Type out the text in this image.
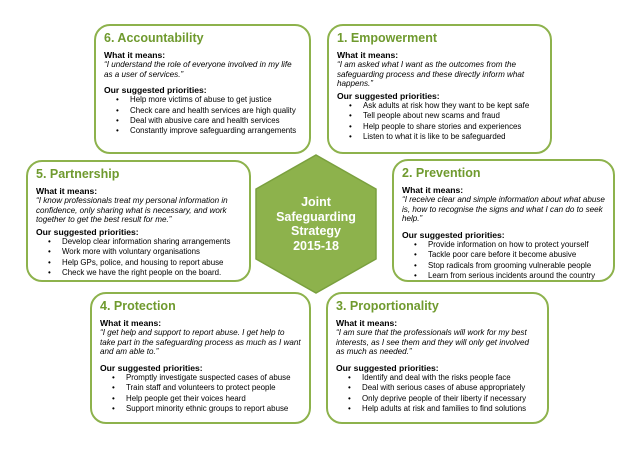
6. Accountability

What it means:

“I understand the role of everyone involved in my life as a user of services.”

Our suggested priorities:

• Help more victims of abuse to get justice
• Check care and health services are high quality
• Deal with abusive care and health services
• Constantly improve safeguarding arrangements
1. Empowerment

What it means:

“I am asked what I want as the outcomes from the safeguarding process and these directly inform what happens.”

Our suggested priorities:

• Ask adults at risk how they want to be kept safe
• Tell people about new scams and fraud
• Help people to share stories and experiences
• Listen to what it is like to be safeguarded
5. Partnership

What it means:

“I know professionals treat my personal information in confidence, only sharing what is necessary, and work together to get the best result for me.”

Our suggested priorities:

• Develop clear information sharing arrangements
• Work more with voluntary organisations
• Help GPs, police, and housing to report abuse
• Check we have the right people on the board.
2. Prevention

What it means:

“I receive clear and simple information about what abuse is, how to recognise the signs and what I can do to seek help.”

Our suggested priorities:

• Provide information on how to protect yourself
• Tackle poor care before it become abusive
• Stop radicals from grooming vulnerable people
• Learn from serious incidents around the country
4. Protection

What it means:

“I get help and support to report abuse. I get help to take part in the safeguarding process as much as I want and am able to.”

Our suggested priorities:

• Promptly investigate suspected cases of abuse
• Train staff and volunteers to protect people
• Help people get their voices heard
• Support minority ethnic groups to report abuse
3. Proportionality

What it means:

“I am sure that the professionals will work for my best interests, as I see them and they will only get involved as much as needed.”

Our suggested priorities:

• Identify and deal with the risks people face
• Deal with serious cases of abuse appropriately
• Only deprive people of their liberty if necessary
• Help adults at risk and families to find solutions
Joint
Safeguarding
Strategy
2015-18
